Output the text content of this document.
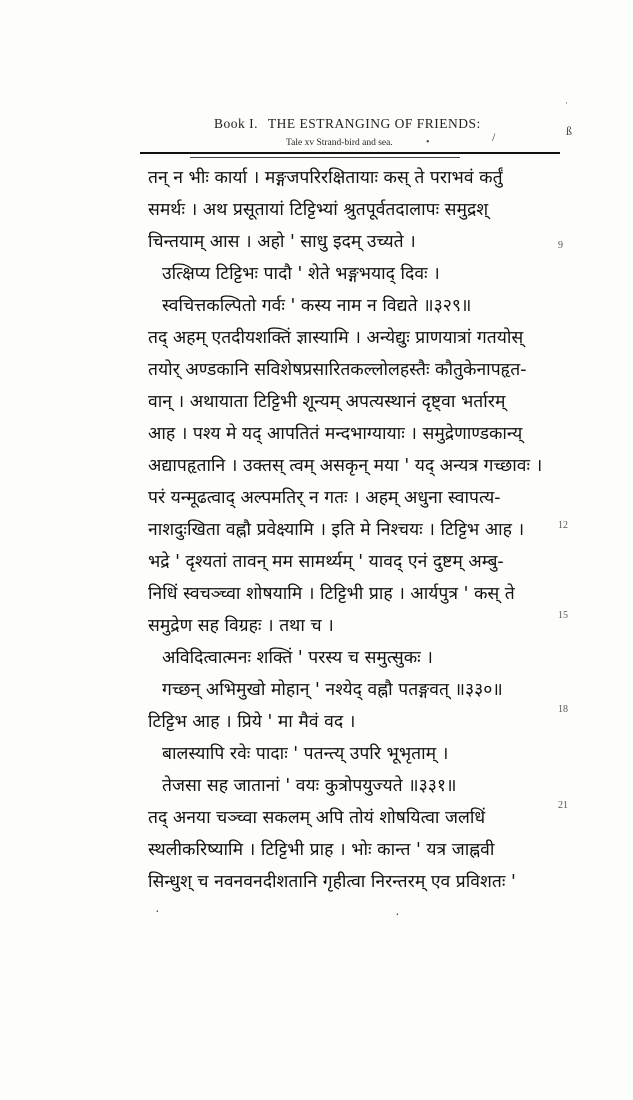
Book I. THE ESTRANGING OF FRIENDS:
Tale xv Strand-bird and sea.	/
•
ß
·
तन् न भीः कार्या । मङ्गजपरिरक्षितायाः कस् ते पराभवं कर्तुं
समर्थः । अथ प्रसूतायां टिट्टिभ्यां श्रुतपूर्वतदालापः समुद्रश्
चिन्तयाम् आस । अहो ' साधु इदम् उच्यते ।
उत्क्षिप्य टिट्टिभः पादौ ' शेते भङ्गभयाद् दिवः ।
स्वचित्तकल्पितो गर्वः ' कस्य नाम न विद्यते ॥३२९॥
तद् अहम् एतदीयशक्तिं ज्ञास्यामि । अन्येद्युः प्राणयात्रां गतयोस्
तयोर् अण्डकानि सविशेषप्रसारितकल्लोलहस्तैः कौतुकेनापहृत-
वान् । अथायाता टिट्टिभी शून्यम् अपत्यस्थानं दृष्ट्वा भर्तारम्
आह । पश्य मे यद् आपतितं मन्दभाग्यायाः । समुद्रेणाण्डकान्य्
अद्यापहृतानि । उक्तस् त्वम् असकृन् मया ' यद् अन्यत्र गच्छावः ।
परं यन्मूढत्वाद् अल्पमतिर् न गतः । अहम् अधुना स्वापत्य-
नाशदुःखिता वह्नौ प्रवेक्ष्यामि । इति मे निश्चयः । टिट्टिभ आह ।
भद्रे ' दृश्यतां तावन् मम सामर्थ्यम् ' यावद् एनं दुष्टम् अम्बु-
निधिं स्वचञ्च्वा शोषयामि । टिट्टिभी प्राह । आर्यपुत्र ' कस् ते
समुद्रेण सह विग्रहः । तथा च ।
अविदित्वात्मनः शक्तिं ' परस्य च समुत्सुकः ।
गच्छन् अभिमुखो मोहान् ' नश्येद् वह्नौ पतङ्गवत् ॥३३०॥
टिट्टिभ आह । प्रिये ' मा मैवं वद ।
बालस्यापि रवेः पादाः ' पतन्त्य् उपरि भूभृताम् ।
तेजसा सह जातानां ' वयः कुत्रोपयुज्यते ॥३३१॥
तद् अनया चञ्च्वा सकलम् अपि तोयं शोषयित्वा जलधिं
स्थलीकरिष्यामि । टिट्टिभी प्राह । भोः कान्त ' यत्र जाह्नवी
सिन्धुश् च नवनवनदीशतानि गृहीत्वा निरन्तरम् एव प्रविशतः '
9
12
15
18
21
·	·
